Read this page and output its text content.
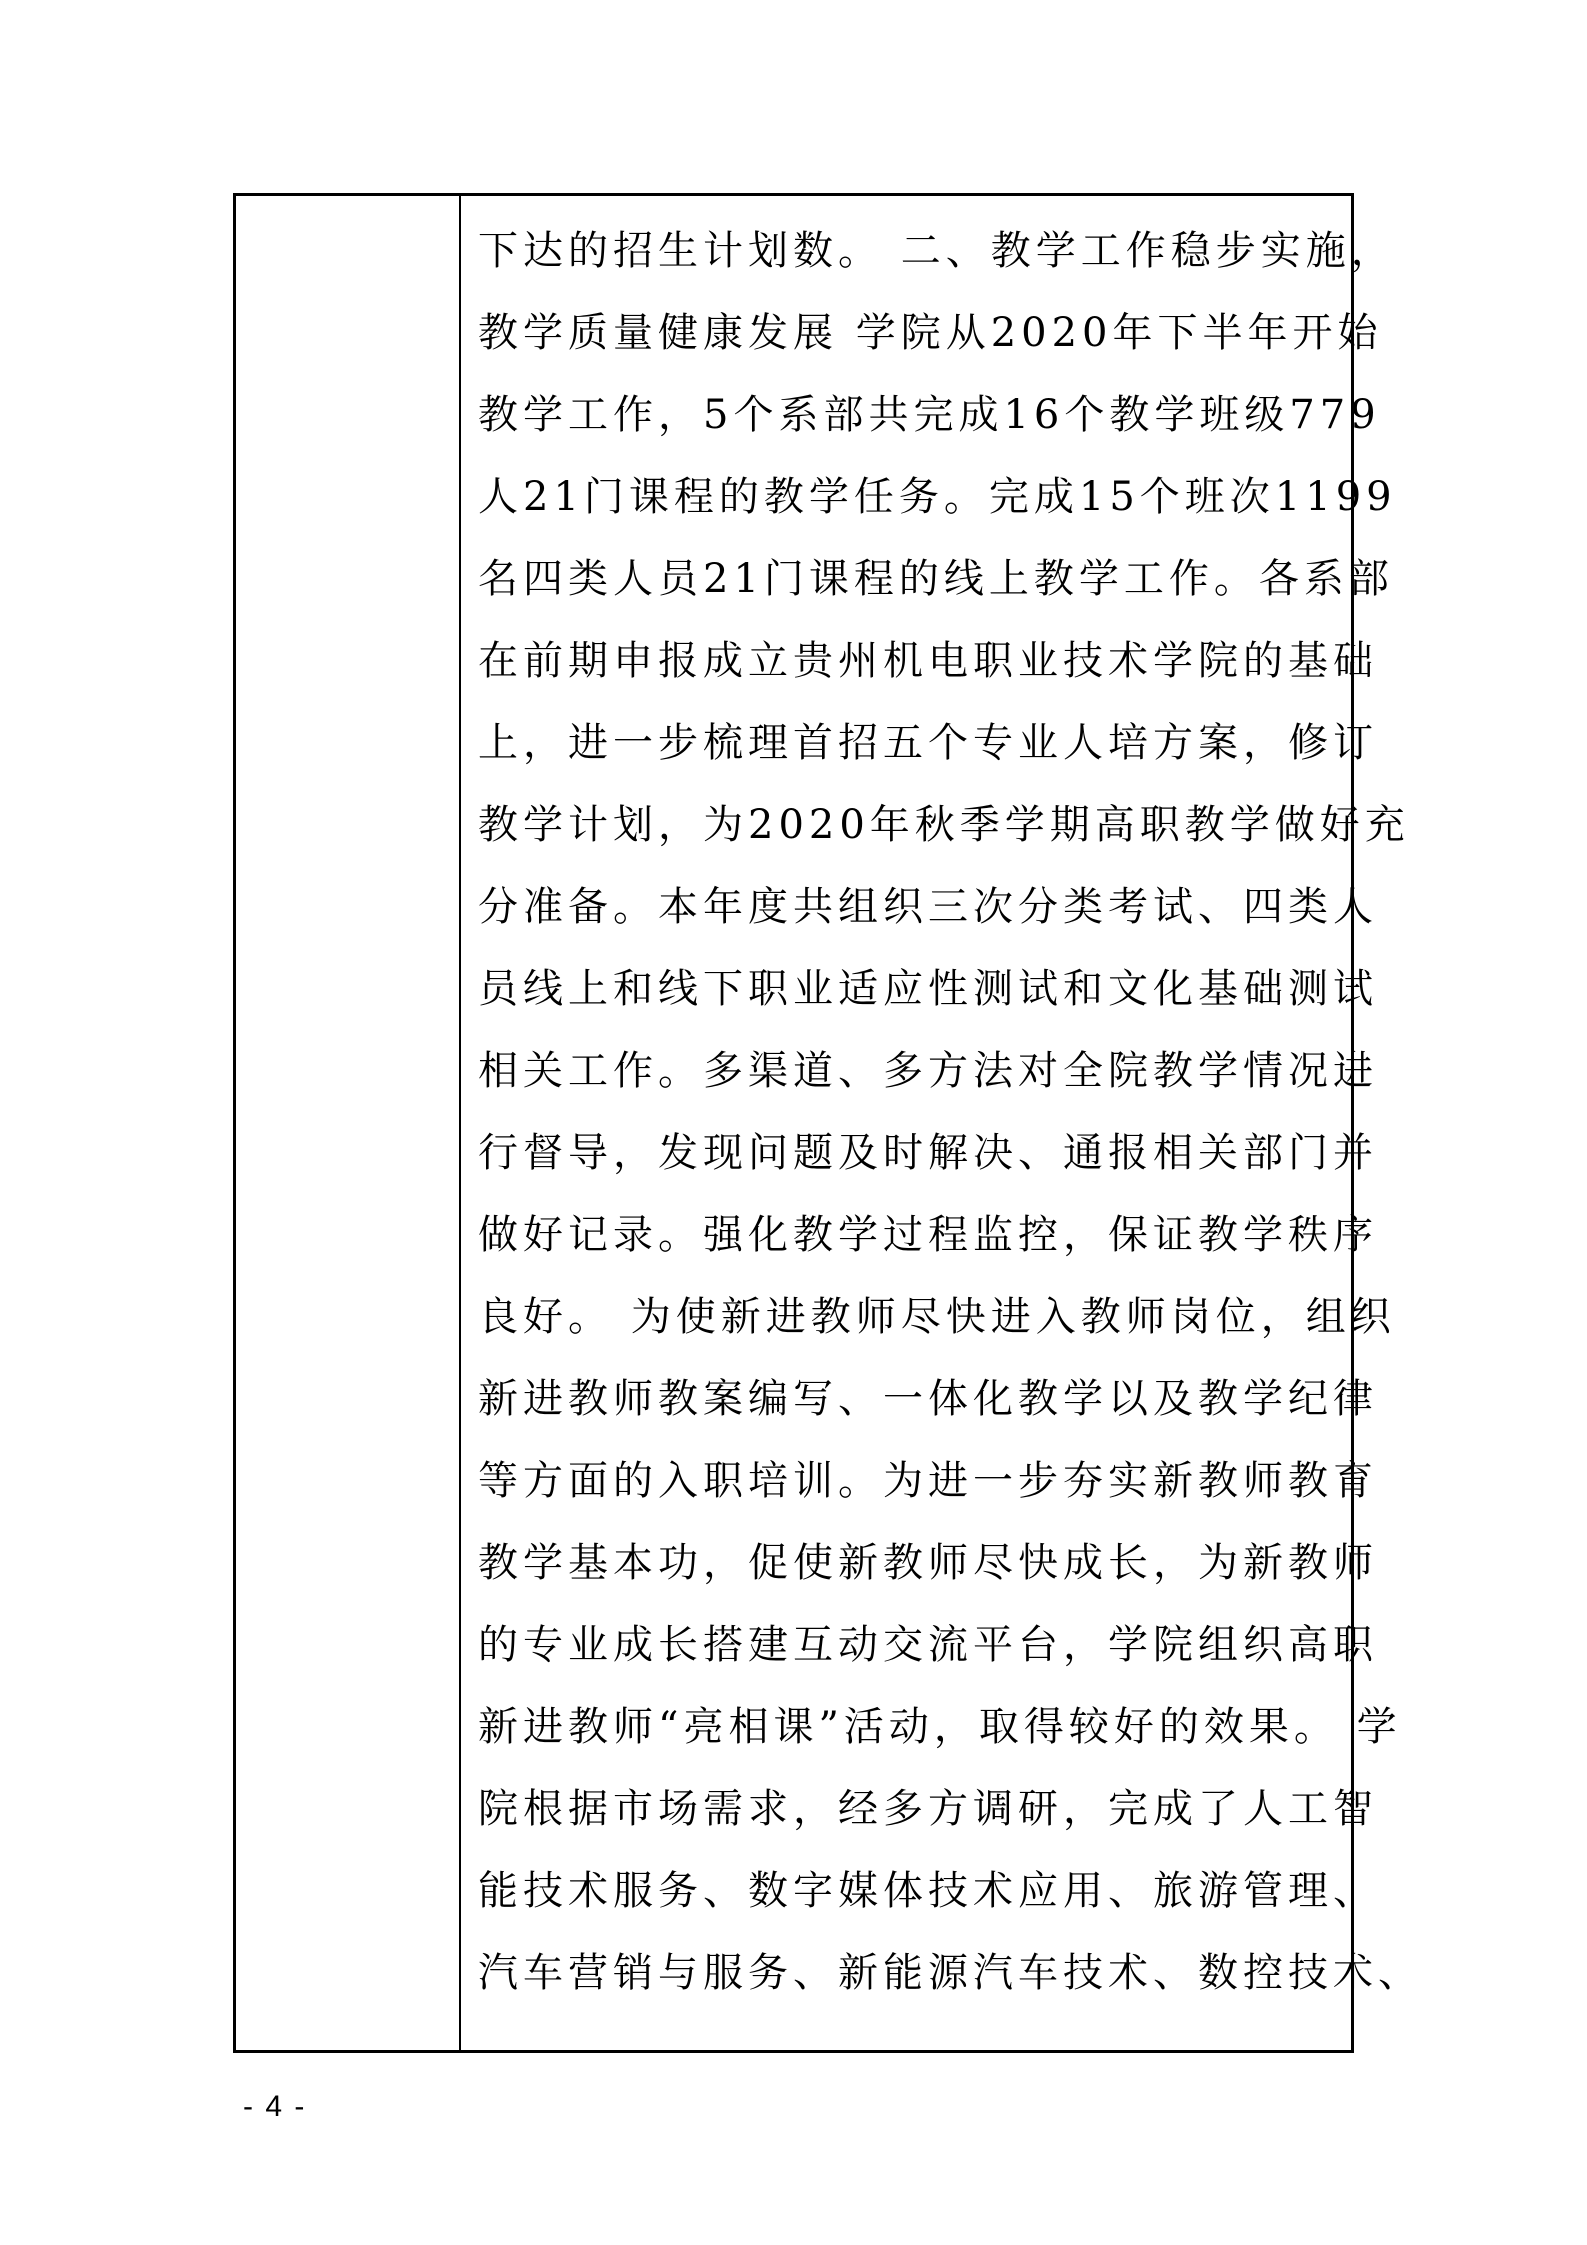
下达的招生计划数。 二、教学工作稳步实施，
教学质量健康发展 学院从2020年下半年开始
教学工作，5个系部共完成16个教学班级779
人21门课程的教学任务。完成15个班次1199
名四类人员21门课程的线上教学工作。各系部
在前期申报成立贵州机电职业技术学院的基础
上，进一步梳理首招五个专业人培方案，修订
教学计划，为2020年秋季学期高职教学做好充
分准备。本年度共组织三次分类考试、四类人
员线上和线下职业适应性测试和文化基础测试
相关工作。多渠道、多方法对全院教学情况进
行督导，发现问题及时解决、通报相关部门并
做好记录。强化教学过程监控，保证教学秩序
良好。 为使新进教师尽快进入教师岗位，组织
新进教师教案编写、一体化教学以及教学纪律
等方面的入职培训。为进一步夯实新教师教育
教学基本功，促使新教师尽快成长，为新教师
的专业成长搭建互动交流平台，学院组织高职
新进教师“亮相课”活动，取得较好的效果。 学
院根据市场需求，经多方调研，完成了人工智
能技术服务、数字媒体技术应用、旅游管理、
汽车营销与服务、新能源汽车技术、数控技术、
- 4 -
